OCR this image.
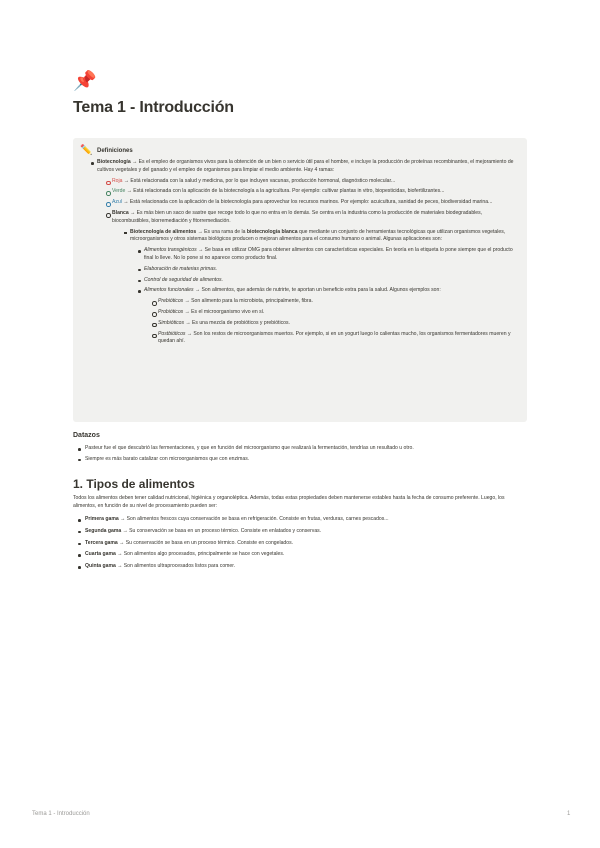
📌
Tema 1 - Introducción
✏️ Definiciones
Biotecnología → Es el empleo de organismos vivos para la obtención de un bien o servicio útil para el hombre, e incluye la producción de proteínas recombinantes, el mejoramiento de cultivos vegetales y del ganado y el empleo de organismos para limpiar el medio ambiente. Hay 4 ramas:
Roja → Está relacionada con la salud y medicina, por lo que incluyen vacunas, producción hormonal, diagnóstico molecular...
Verde → Está relacionada con la aplicación de la biotecnología a la agricultura. Por ejemplo: cultivar plantas in vitro, biopesticidas, biofertilizantes...
Azul → Está relacionada con la aplicación de la biotecnología para aprovechar los recursos marinos. Por ejemplo: acuicultura, sanidad de peces, biodiversidad marina...
Blanca → Es más bien un saco de sastre que recoge todo lo que no entra en lo demás. Se centra en la industria como la producción de materiales biodegradables, biocombustibles, biorremediación y fitorremediación.
Biotecnología de alimentos → Es una rama de la biotecnología blanca que mediante un conjunto de herramientas tecnológicas que utilizan organismos vegetales, microorganismos y otros sistemas biológicos producen o mejoran alimentos para el consumo humano o animal. Algunas aplicaciones son:
Alimentos transgénicos → Se basa en utilizar OMG para obtener alimentos con características especiales. En teoría en la etiqueta lo pone siempre que el producto final lo lleve. No lo pone si no aparece como producto final.
Elaboración de materias primas.
Control de seguridad de alimentos.
Alimentos funcionales → Son alimentos, que además de nutrirte, te aportan un beneficio extra para la salud. Algunos ejemplos son:
Prebióticos → Son alimento para la microbiota, principalmente, fibra.
Probióticos → Es el microorganismo vivo en sí.
Simbióticos → Es una mezcla de probióticos y prebióticos.
Postbióticos → Son los restos de microorganismos muertos. Por ejemplo, si en un yogurt luego lo calientas mucho, los organismos fermentadores mueren y quedan ahí.
Datazos
Pasteur fue el que descubrió las fermentaciones, y que en función del microorganismo que realizará la fermentación, tendrías un resultado u otro.
Siempre es más barato catalizar con microorganismos que con enzimas.
1. Tipos de alimentos
Todos los alimentos deben tener calidad nutricional, higiénica y organoléptica. Además, todas estas propiedades deben mantenerse estables hasta la fecha de consumo preferente. Luego, los alimentos, en función de su nivel de procesamiento pueden ser:
Primera gama → Son alimentos frescos cuya conservación se basa en refrigeración. Consiste en frutas, verduras, carnes pescados...
Segunda gama → Su conservación se basa en un proceso térmico. Consiste en enlatados y conservas.
Tercera gama → Su conservación se basa en un proceso térmico. Consiste en congelados.
Cuarta gama → Son alimentos algo procesados, principalmente se hace con vegetales.
Quinta gama → Son alimentos ultraprocesados listos para comer.
Tema 1 - Introducción	1
